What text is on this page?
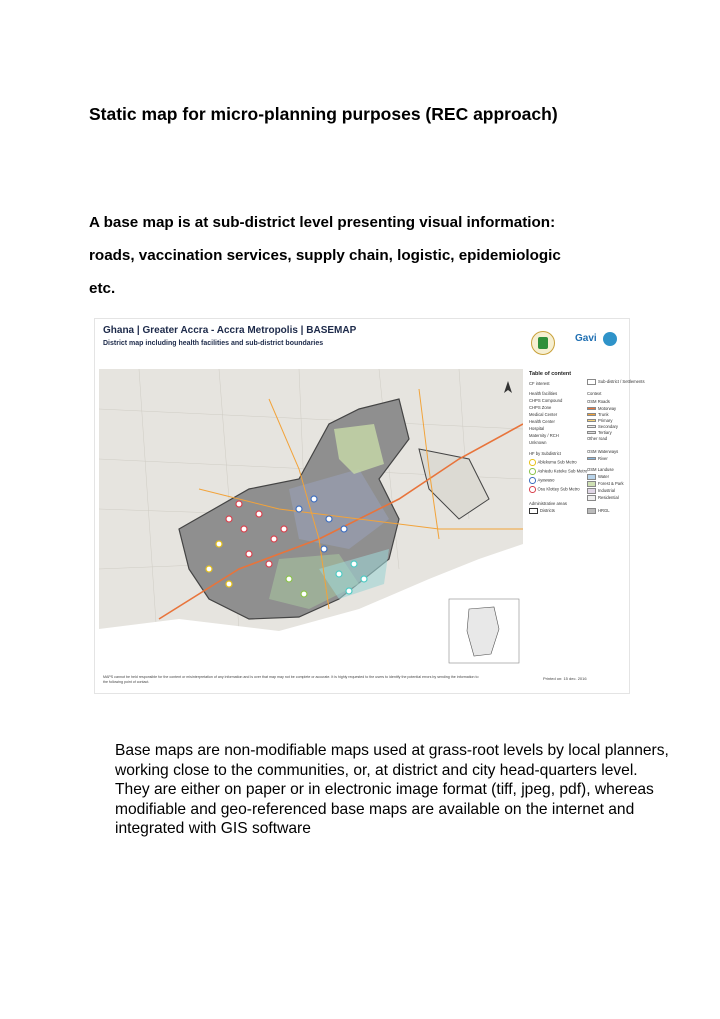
Static map for micro-planning purposes (REC approach)
A base map is at sub-district level presenting visual information:
roads, vaccination services, supply chain, logistic, epidemiologic
etc.
Ghana | Greater Accra - Accra Metropolis | BASEMAP
District map including health facilities and sub-district boundaries	Gavi
Table of content
CF interest
Health facilities
CHPS Compound
CHPS Zone
Medical Center
Health Center
Hospital
Maternity / RCH
Unknown
HF by Subdistrict
Ablekuma Sub Metro
Ashiedu Keteke Sub Metro
Ayawaso
Osu Klottey Sub Metro
Administrative areas
Districts
Sub-district / Settlements
Context
OSM Roads
Motorway
Trunk
Primary
Secondary
Tertiary
Other road
OSM Waterways
River
OSM Landuse
Water
Forest & Park
Industrial
Residential
HRGL
MAPS cannot be held responsible for the content or misinterpretation of any information and is over that map may not be complete or accurate. It is highly requested to the users to identify the potential errors by sending the information to the following point of contact.
Printed on: 15 dec. 2016

Base maps are non-modifiable maps used at grass-root levels by local planners, working close to the communities, or, at district and city head-quarters level.

They are either on paper or in electronic image format (tiff, jpeg, pdf), whereas modifiable and geo-referenced base maps are available on the internet and integrated with GIS software
